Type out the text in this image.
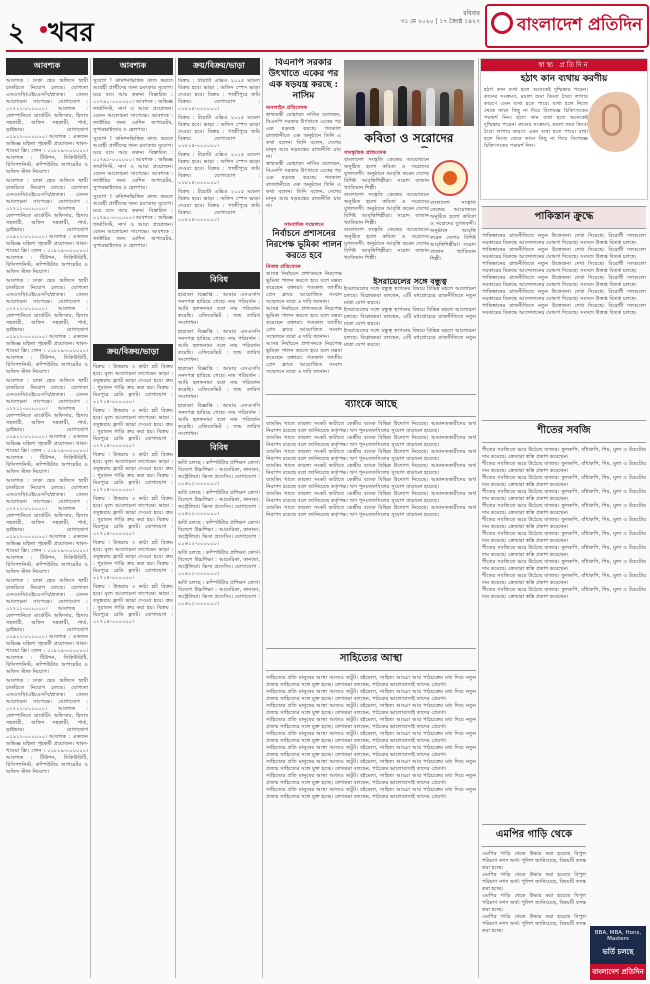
২ খবর
রবিবার
৩১ মে ২০২০ | ১৭ জ্যৈষ্ঠ ১৪২৭ বাংলাদেশ প্রতিদিন
আবশ্যক

আবশ্যক : ঢাকা হেড অফিসে স্থায়ী চাকরিতে নিয়োগ চলছে। যোগ্যতা এসএসসি/এইচএসসি/স্নাতক। বেতন আলোচনা সাপেক্ষে। যোগাযোগ : ০১৭১১-০০০০০০। আবশ্যক : কোম্পানিতে মার্কেটিং অফিসার, হিসাব সহকারী, অফিস সহকারী, গার্ড, ড্রাইভার। যোগাযোগ ০১৯১১-০০০০০০। আবশ্যক : একজন অভিজ্ঞ মহিলা গৃহকর্মী প্রয়োজন। থাকা-খাওয়া ফ্রি। ফোন : ০১৮১৯-০০০০০০। আবশ্যক : টিউশন, সিকিউরিটি, রিসিপশনিস্ট, কম্পিউটার অপারেটর ও অফিস স্টাফ নিয়োগ।

আবশ্যক : ঢাকা হেড অফিসে স্থায়ী চাকরিতে নিয়োগ চলছে। যোগ্যতা এসএসসি/এইচএসসি/স্নাতক। বেতন আলোচনা সাপেক্ষে। যোগাযোগ : ০১৭১১-০০০০০০। আবশ্যক : কোম্পানিতে মার্কেটিং অফিসার, হিসাব সহকারী, অফিস সহকারী, গার্ড, ড্রাইভার। যোগাযোগ ০১৯১১-০০০০০০। আবশ্যক : একজন অভিজ্ঞ মহিলা গৃহকর্মী প্রয়োজন। থাকা-খাওয়া ফ্রি। ফোন : ০১৮১৯-০০০০০০। আবশ্যক : টিউশন, সিকিউরিটি, রিসিপশনিস্ট, কম্পিউটার অপারেটর ও অফিস স্টাফ নিয়োগ।

আবশ্যক : ঢাকা হেড অফিসে স্থায়ী চাকরিতে নিয়োগ চলছে। যোগ্যতা এসএসসি/এইচএসসি/স্নাতক। বেতন আলোচনা সাপেক্ষে। যোগাযোগ : ০১৭১১-০০০০০০। আবশ্যক : কোম্পানিতে মার্কেটিং অফিসার, হিসাব সহকারী, অফিস সহকারী, গার্ড, ড্রাইভার। যোগাযোগ ০১৯১১-০০০০০০। আবশ্যক : একজন অভিজ্ঞ মহিলা গৃহকর্মী প্রয়োজন। থাকা-খাওয়া ফ্রি। ফোন : ০১৮১৯-০০০০০০। আবশ্যক : টিউশন, সিকিউরিটি, রিসিপশনিস্ট, কম্পিউটার অপারেটর ও অফিস স্টাফ নিয়োগ।

আবশ্যক : ঢাকা হেড অফিসে স্থায়ী চাকরিতে নিয়োগ চলছে। যোগ্যতা এসএসসি/এইচএসসি/স্নাতক। বেতন আলোচনা সাপেক্ষে। যোগাযোগ : ০১৭১১-০০০০০০। আবশ্যক : কোম্পানিতে মার্কেটিং অফিসার, হিসাব সহকারী, অফিস সহকারী, গার্ড, ড্রাইভার। যোগাযোগ ০১৯১১-০০০০০০। আবশ্যক : একজন অভিজ্ঞ মহিলা গৃহকর্মী প্রয়োজন। থাকা-খাওয়া ফ্রি। ফোন : ০১৮১৯-০০০০০০। আবশ্যক : টিউশন, সিকিউরিটি, রিসিপশনিস্ট, কম্পিউটার অপারেটর ও অফিস স্টাফ নিয়োগ।

আবশ্যক : ঢাকা হেড অফিসে স্থায়ী চাকরিতে নিয়োগ চলছে। যোগ্যতা এসএসসি/এইচএসসি/স্নাতক। বেতন আলোচনা সাপেক্ষে। যোগাযোগ : ০১৭১১-০০০০০০। আবশ্যক : কোম্পানিতে মার্কেটিং অফিসার, হিসাব সহকারী, অফিস সহকারী, গার্ড, ড্রাইভার। যোগাযোগ ০১৯১১-০০০০০০। আবশ্যক : একজন অভিজ্ঞ মহিলা গৃহকর্মী প্রয়োজন। থাকা-খাওয়া ফ্রি। ফোন : ০১৮১৯-০০০০০০। আবশ্যক : টিউশন, সিকিউরিটি, রিসিপশনিস্ট, কম্পিউটার অপারেটর ও অফিস স্টাফ নিয়োগ।

আবশ্যক : ঢাকা হেড অফিসে স্থায়ী চাকরিতে নিয়োগ চলছে। যোগ্যতা এসএসসি/এইচএসসি/স্নাতক। বেতন আলোচনা সাপেক্ষে। যোগাযোগ : ০১৭১১-০০০০০০। আবশ্যক : কোম্পানিতে মার্কেটিং অফিসার, হিসাব সহকারী, অফিস সহকারী, গার্ড, ড্রাইভার। যোগাযোগ ০১৯১১-০০০০০০। আবশ্যক : একজন অভিজ্ঞ মহিলা গৃহকর্মী প্রয়োজন। থাকা-খাওয়া ফ্রি। ফোন : ০১৮১৯-০০০০০০। আবশ্যক : টিউশন, সিকিউরিটি, রিসিপশনিস্ট, কম্পিউটার অপারেটর ও অফিস স্টাফ নিয়োগ।

আবশ্যক : ঢাকা হেড অফিসে স্থায়ী চাকরিতে নিয়োগ চলছে। যোগ্যতা এসএসসি/এইচএসসি/স্নাতক। বেতন আলোচনা সাপেক্ষে। যোগাযোগ : ০১৭১১-০০০০০০। আবশ্যক : কোম্পানিতে মার্কেটিং অফিসার, হিসাব সহকারী, অফিস সহকারী, গার্ড, ড্রাইভার। যোগাযোগ ০১৯১১-০০০০০০। আবশ্যক : একজন অভিজ্ঞ মহিলা গৃহকর্মী প্রয়োজন। থাকা-খাওয়া ফ্রি। ফোন : ০১৮১৯-০০০০০০। আবশ্যক : টিউশন, সিকিউরিটি, রিসিপশনিস্ট, কম্পিউটার অপারেটর ও অফিস স্টাফ নিয়োগ।

আবশ্যক

সুযোগ ! কমিশনভিত্তিক কাজ করতে আগ্রহী প্রার্থীদের জন্য চমৎকার সুযোগ। ঘরে বসে আয় করুন। বিস্তারিত : ০১৭৯১-০০০০০০। আবশ্যক : অভিজ্ঞ ফার্মাসিস্ট, নার্স ও আয়া প্রয়োজন। বেতন আলোচনা সাপেক্ষে। আবশ্যক : ফ্যাক্টরির জন্য মেশিন অপারেটর, সুপারভাইজার ও হেলপার।

সুযোগ ! কমিশনভিত্তিক কাজ করতে আগ্রহী প্রার্থীদের জন্য চমৎকার সুযোগ। ঘরে বসে আয় করুন। বিস্তারিত : ০১৭৯১-০০০০০০। আবশ্যক : অভিজ্ঞ ফার্মাসিস্ট, নার্স ও আয়া প্রয়োজন। বেতন আলোচনা সাপেক্ষে। আবশ্যক : ফ্যাক্টরির জন্য মেশিন অপারেটর, সুপারভাইজার ও হেলপার।

সুযোগ ! কমিশনভিত্তিক কাজ করতে আগ্রহী প্রার্থীদের জন্য চমৎকার সুযোগ। ঘরে বসে আয় করুন। বিস্তারিত : ০১৭৯১-০০০০০০। আবশ্যক : অভিজ্ঞ ফার্মাসিস্ট, নার্স ও আয়া প্রয়োজন। বেতন আলোচনা সাপেক্ষে। আবশ্যক : ফ্যাক্টরির জন্য মেশিন অপারেটর, সুপারভাইজার ও হেলপার।

ক্রয়/বিক্রয়/ভাড়া

বিক্রয় : উত্তরায় ৩ কাঠা প্লট বিক্রয় হবে। মূল্য আলোচনা সাপেক্ষে। ভাড়া : বসুন্ধরায় ফ্ল্যাট ভাড়া দেওয়া হবে। ক্রয় : পুরাতন গাড়ি ক্রয় করা হয়। বিক্রয় : মিরপুরে রেডি ফ্ল্যাট। যোগাযোগ : ০১৭১৫-০০০০০০।

বিক্রয় : উত্তরায় ৩ কাঠা প্লট বিক্রয় হবে। মূল্য আলোচনা সাপেক্ষে। ভাড়া : বসুন্ধরায় ফ্ল্যাট ভাড়া দেওয়া হবে। ক্রয় : পুরাতন গাড়ি ক্রয় করা হয়। বিক্রয় : মিরপুরে রেডি ফ্ল্যাট। যোগাযোগ : ০১৭১৫-০০০০০০।

বিক্রয় : উত্তরায় ৩ কাঠা প্লট বিক্রয় হবে। মূল্য আলোচনা সাপেক্ষে। ভাড়া : বসুন্ধরায় ফ্ল্যাট ভাড়া দেওয়া হবে। ক্রয় : পুরাতন গাড়ি ক্রয় করা হয়। বিক্রয় : মিরপুরে রেডি ফ্ল্যাট। যোগাযোগ : ০১৭১৫-০০০০০০।

বিক্রয় : উত্তরায় ৩ কাঠা প্লট বিক্রয় হবে। মূল্য আলোচনা সাপেক্ষে। ভাড়া : বসুন্ধরায় ফ্ল্যাট ভাড়া দেওয়া হবে। ক্রয় : পুরাতন গাড়ি ক্রয় করা হয়। বিক্রয় : মিরপুরে রেডি ফ্ল্যাট। যোগাযোগ : ০১৭১৫-০০০০০০।

বিক্রয় : উত্তরায় ৩ কাঠা প্লট বিক্রয় হবে। মূল্য আলোচনা সাপেক্ষে। ভাড়া : বসুন্ধরায় ফ্ল্যাট ভাড়া দেওয়া হবে। ক্রয় : পুরাতন গাড়ি ক্রয় করা হয়। বিক্রয় : মিরপুরে রেডি ফ্ল্যাট। যোগাযোগ : ০১৭১৫-০০০০০০।

বিক্রয় : উত্তরায় ৩ কাঠা প্লট বিক্রয় হবে। মূল্য আলোচনা সাপেক্ষে। ভাড়া : বসুন্ধরায় ফ্ল্যাট ভাড়া দেওয়া হবে। ক্রয় : পুরাতন গাড়ি ক্রয় করা হয়। বিক্রয় : মিরপুরে রেডি ফ্ল্যাট। যোগাযোগ : ০১৭১৫-০০০০০০।

ক্রয়/বিক্রয়/ভাড়া

বিক্রয় : টয়োটা এক্সিও ২০১৫ মডেল বিক্রয় হবে। ভাড়া : অফিস স্পেস ভাড়া দেওয়া হবে। বিক্রয় : গাজীপুরে জমি বিক্রয়। যোগাযোগ : ০১৮১৫-০০০০০০।

বিক্রয় : টয়োটা এক্সিও ২০১৫ মডেল বিক্রয় হবে। ভাড়া : অফিস স্পেস ভাড়া দেওয়া হবে। বিক্রয় : গাজীপুরে জমি বিক্রয়। যোগাযোগ : ০১৮১৫-০০০০০০।

বিক্রয় : টয়োটা এক্সিও ২০১৫ মডেল বিক্রয় হবে। ভাড়া : অফিস স্পেস ভাড়া দেওয়া হবে। বিক্রয় : গাজীপুরে জমি বিক্রয়। যোগাযোগ : ০১৮১৫-০০০০০০।

বিক্রয় : টয়োটা এক্সিও ২০১৫ মডেল বিক্রয় হবে। ভাড়া : অফিস স্পেস ভাড়া দেওয়া হবে। বিক্রয় : গাজীপুরে জমি বিক্রয়। যোগাযোগ : ০১৮১৫-০০০০০০।

বিবিধ

হারানো বিজ্ঞপ্তি : আমার এসএসসি সনদপত্র হারিয়ে গেছে। নাম পরিবর্তন : আমি হলফনামা বলে নাম পরিবর্তন করেছি। এফিডেভিট : জন্ম তারিখ সংশোধন।

হারানো বিজ্ঞপ্তি : আমার এসএসসি সনদপত্র হারিয়ে গেছে। নাম পরিবর্তন : আমি হলফনামা বলে নাম পরিবর্তন করেছি। এফিডেভিট : জন্ম তারিখ সংশোধন।

হারানো বিজ্ঞপ্তি : আমার এসএসসি সনদপত্র হারিয়ে গেছে। নাম পরিবর্তন : আমি হলফনামা বলে নাম পরিবর্তন করেছি। এফিডেভিট : জন্ম তারিখ সংশোধন।

হারানো বিজ্ঞপ্তি : আমার এসএসসি সনদপত্র হারিয়ে গেছে। নাম পরিবর্তন : আমি হলফনামা বলে নাম পরিবর্তন করেছি। এফিডেভিট : জন্ম তারিখ সংশোধন।

বিবিধ

ভর্তি চলছে : কম্পিউটার প্রশিক্ষণ কোর্স। বিদেশে উচ্চশিক্ষা : আমেরিকা, কানাডা, অস্ট্রেলিয়া। ভিসা প্রসেসিং। যোগাযোগ : ০১৬১২-০০০০০০।

ভর্তি চলছে : কম্পিউটার প্রশিক্ষণ কোর্স। বিদেশে উচ্চশিক্ষা : আমেরিকা, কানাডা, অস্ট্রেলিয়া। ভিসা প্রসেসিং। যোগাযোগ : ০১৬১২-০০০০০০।

ভর্তি চলছে : কম্পিউটার প্রশিক্ষণ কোর্স। বিদেশে উচ্চশিক্ষা : আমেরিকা, কানাডা, অস্ট্রেলিয়া। ভিসা প্রসেসিং। যোগাযোগ : ০১৬১২-০০০০০০।

ভর্তি চলছে : কম্পিউটার প্রশিক্ষণ কোর্স। বিদেশে উচ্চশিক্ষা : আমেরিকা, কানাডা, অস্ট্রেলিয়া। ভিসা প্রসেসিং। যোগাযোগ : ০১৬১২-০০০০০০।

ভর্তি চলছে : কম্পিউটার প্রশিক্ষণ কোর্স। বিদেশে উচ্চশিক্ষা : আমেরিকা, কানাডা, অস্ট্রেলিয়া। ভিসা প্রসেসিং। যোগাযোগ : ০১৬১২-০০০০০০।

বিএনপি সরকার উৎখাতে একের পর এক ষড়যন্ত্র করছে : নাসিম
অনলাইন প্রতিবেদক
স্বাস্থ্যমন্ত্রী মোহাম্মদ নাসিম বলেছেন, বিএনপি সরকার উৎখাতে একের পর এক ষড়যন্ত্র করছে। গতকাল রাজধানীতে এক অনুষ্ঠানে তিনি এ কথা বলেন। তিনি বলেন, দেশের মানুষ আর ষড়যন্ত্রের রাজনীতি চায় না।
স্বাস্থ্যমন্ত্রী মোহাম্মদ নাসিম বলেছেন, বিএনপি সরকার উৎখাতে একের পর এক ষড়যন্ত্র করছে। গতকাল রাজধানীতে এক অনুষ্ঠানে তিনি এ কথা বলেন। তিনি বলেন, দেশের মানুষ আর ষড়যন্ত্রের রাজনীতি চায় না।
কবিতা ও সরোদের
সাংস্কৃতিক প্রতিবেদক
বাংলাদেশ সংস্কৃতি কেন্দ্রের আয়োজনে অনুষ্ঠিত হলো কবিতা ও সরোদের যুগলবন্দী। অনুষ্ঠানে আবৃত্তি করেন দেশের বিশিষ্ট আবৃত্তিশিল্পীরা। সরোদ বাজান খ্যাতিমান শিল্পী।
বাংলাদেশ সংস্কৃতি কেন্দ্রের আয়োজনে অনুষ্ঠিত হলো কবিতা ও সরোদের যুগলবন্দী। অনুষ্ঠানে আবৃত্তি করেন দেশের বিশিষ্ট আবৃত্তিশিল্পীরা। সরোদ বাজান খ্যাতিমান শিল্পী।
বাংলাদেশ সংস্কৃতি কেন্দ্রের আয়োজনে অনুষ্ঠিত হলো কবিতা ও সরোদের যুগলবন্দী। অনুষ্ঠানে আবৃত্তি করেন দেশের বিশিষ্ট আবৃত্তিশিল্পীরা। সরোদ বাজান খ্যাতিমান শিল্পী।
বাংলাদেশ সংস্কৃতি কেন্দ্রের আয়োজনে অনুষ্ঠিত হলো কবিতা ও সরোদের যুগলবন্দী। অনুষ্ঠানে আবৃত্তি করেন দেশের বিশিষ্ট আবৃত্তিশিল্পীরা। সরোদ বাজান খ্যাতিমান শিল্পী।
সাংবাদিক সম্মেলনে
নির্বাচনে প্রশাসনের নিরপেক্ষ ভূমিকা পালন করতে হবে
নিজস্ব প্রতিবেদক
আসন্ন নির্বাচনে প্রশাসনকে নিরপেক্ষ ভূমিকা পালন করতে হবে বলে মন্তব্য করেছেন বক্তারা। গতকাল জাতীয় প্রেস ক্লাবে আয়োজিত সংবাদ সম্মেলনে তারা এ দাবি জানান।
আসন্ন নির্বাচনে প্রশাসনকে নিরপেক্ষ ভূমিকা পালন করতে হবে বলে মন্তব্য করেছেন বক্তারা। গতকাল জাতীয় প্রেস ক্লাবে আয়োজিত সংবাদ সম্মেলনে তারা এ দাবি জানান।
আসন্ন নির্বাচনে প্রশাসনকে নিরপেক্ষ ভূমিকা পালন করতে হবে বলে মন্তব্য করেছেন বক্তারা। গতকাল জাতীয় প্রেস ক্লাবে আয়োজিত সংবাদ সম্মেলনে তারা এ দাবি জানান।
ইসরায়েলের সঙ্গে বন্ধুত্ব
ইসরায়েলের সঙ্গে বন্ধুত্ব স্থাপনের বিষয়ে বিভিন্ন মহলে আলোচনা চলছে। বিশ্লেষকরা বলছেন, এটি মধ্যপ্রাচ্যের রাজনীতিতে নতুন মাত্রা যোগ করবে।
ইসরায়েলের সঙ্গে বন্ধুত্ব স্থাপনের বিষয়ে বিভিন্ন মহলে আলোচনা চলছে। বিশ্লেষকরা বলছেন, এটি মধ্যপ্রাচ্যের রাজনীতিতে নতুন মাত্রা যোগ করবে।
ইসরায়েলের সঙ্গে বন্ধুত্ব স্থাপনের বিষয়ে বিভিন্ন মহলে আলোচনা চলছে। বিশ্লেষকরা বলছেন, এটি মধ্যপ্রাচ্যের রাজনীতিতে নতুন মাত্রা যোগ করবে।
ব্যাংকে আছে
ব্যাংকিং খাতে তারল্য সংকট কাটাতে কেন্দ্রীয় ব্যাংক বিভিন্ন উদ্যোগ নিয়েছে। আমানতকারীদের অর্থ নিরাপদ রয়েছে বলে জানিয়েছে কর্তৃপক্ষ। ঋণ পুনঃতফসিলের সুযোগ বাড়ানো হয়েছে।
ব্যাংকিং খাতে তারল্য সংকট কাটাতে কেন্দ্রীয় ব্যাংক বিভিন্ন উদ্যোগ নিয়েছে। আমানতকারীদের অর্থ নিরাপদ রয়েছে বলে জানিয়েছে কর্তৃপক্ষ। ঋণ পুনঃতফসিলের সুযোগ বাড়ানো হয়েছে।
ব্যাংকিং খাতে তারল্য সংকট কাটাতে কেন্দ্রীয় ব্যাংক বিভিন্ন উদ্যোগ নিয়েছে। আমানতকারীদের অর্থ নিরাপদ রয়েছে বলে জানিয়েছে কর্তৃপক্ষ। ঋণ পুনঃতফসিলের সুযোগ বাড়ানো হয়েছে।
ব্যাংকিং খাতে তারল্য সংকট কাটাতে কেন্দ্রীয় ব্যাংক বিভিন্ন উদ্যোগ নিয়েছে। আমানতকারীদের অর্থ নিরাপদ রয়েছে বলে জানিয়েছে কর্তৃপক্ষ। ঋণ পুনঃতফসিলের সুযোগ বাড়ানো হয়েছে।
ব্যাংকিং খাতে তারল্য সংকট কাটাতে কেন্দ্রীয় ব্যাংক বিভিন্ন উদ্যোগ নিয়েছে। আমানতকারীদের অর্থ নিরাপদ রয়েছে বলে জানিয়েছে কর্তৃপক্ষ। ঋণ পুনঃতফসিলের সুযোগ বাড়ানো হয়েছে।
ব্যাংকিং খাতে তারল্য সংকট কাটাতে কেন্দ্রীয় ব্যাংক বিভিন্ন উদ্যোগ নিয়েছে। আমানতকারীদের অর্থ নিরাপদ রয়েছে বলে জানিয়েছে কর্তৃপক্ষ। ঋণ পুনঃতফসিলের সুযোগ বাড়ানো হয়েছে।
ব্যাংকিং খাতে তারল্য সংকট কাটাতে কেন্দ্রীয় ব্যাংক বিভিন্ন উদ্যোগ নিয়েছে। আমানতকারীদের অর্থ নিরাপদ রয়েছে বলে জানিয়েছে কর্তৃপক্ষ। ঋণ পুনঃতফসিলের সুযোগ বাড়ানো হয়েছে।
সাহিত্যের আস্থা
সাহিত্যের প্রতি মানুষের আস্থা আজও অটুট। বইমেলা, সাহিত্য আড্ডা আর পাঠচক্রের মধ্য দিয়ে নতুন প্রজন্ম সাহিত্যের সঙ্গে যুক্ত হচ্ছে। লেখকরা বলছেন, পাঠকের ভালোবাসাই তাদের প্রেরণা।
সাহিত্যের প্রতি মানুষের আস্থা আজও অটুট। বইমেলা, সাহিত্য আড্ডা আর পাঠচক্রের মধ্য দিয়ে নতুন প্রজন্ম সাহিত্যের সঙ্গে যুক্ত হচ্ছে। লেখকরা বলছেন, পাঠকের ভালোবাসাই তাদের প্রেরণা।
সাহিত্যের প্রতি মানুষের আস্থা আজও অটুট। বইমেলা, সাহিত্য আড্ডা আর পাঠচক্রের মধ্য দিয়ে নতুন প্রজন্ম সাহিত্যের সঙ্গে যুক্ত হচ্ছে। লেখকরা বলছেন, পাঠকের ভালোবাসাই তাদের প্রেরণা।
সাহিত্যের প্রতি মানুষের আস্থা আজও অটুট। বইমেলা, সাহিত্য আড্ডা আর পাঠচক্রের মধ্য দিয়ে নতুন প্রজন্ম সাহিত্যের সঙ্গে যুক্ত হচ্ছে। লেখকরা বলছেন, পাঠকের ভালোবাসাই তাদের প্রেরণা।
সাহিত্যের প্রতি মানুষের আস্থা আজও অটুট। বইমেলা, সাহিত্য আড্ডা আর পাঠচক্রের মধ্য দিয়ে নতুন প্রজন্ম সাহিত্যের সঙ্গে যুক্ত হচ্ছে। লেখকরা বলছেন, পাঠকের ভালোবাসাই তাদের প্রেরণা।
সাহিত্যের প্রতি মানুষের আস্থা আজও অটুট। বইমেলা, সাহিত্য আড্ডা আর পাঠচক্রের মধ্য দিয়ে নতুন প্রজন্ম সাহিত্যের সঙ্গে যুক্ত হচ্ছে। লেখকরা বলছেন, পাঠকের ভালোবাসাই তাদের প্রেরণা।
সাহিত্যের প্রতি মানুষের আস্থা আজও অটুট। বইমেলা, সাহিত্য আড্ডা আর পাঠচক্রের মধ্য দিয়ে নতুন প্রজন্ম সাহিত্যের সঙ্গে যুক্ত হচ্ছে। লেখকরা বলছেন, পাঠকের ভালোবাসাই তাদের প্রেরণা।
সাহিত্যের প্রতি মানুষের আস্থা আজও অটুট। বইমেলা, সাহিত্য আড্ডা আর পাঠচক্রের মধ্য দিয়ে নতুন প্রজন্ম সাহিত্যের সঙ্গে যুক্ত হচ্ছে। লেখকরা বলছেন, পাঠকের ভালোবাসাই তাদের প্রেরণা।
সাহিত্যের প্রতি মানুষের আস্থা আজও অটুট। বইমেলা, সাহিত্য আড্ডা আর পাঠচক্রের মধ্য দিয়ে নতুন প্রজন্ম সাহিত্যের সঙ্গে যুক্ত হচ্ছে। লেখকরা বলছেন, পাঠকের ভালোবাসাই তাদের প্রেরণা।
স্বাস্থ্য প্রতিদিন
হঠাৎ কান ব্যথায় করণীয়
হঠাৎ কান ব্যথা হলে অনেকেই দুশ্চিন্তায় পড়েন। কানের সংক্রমণ, ময়লা জমা কিংবা ঠাণ্ডা লাগার কারণে এমন ব্যথা হতে পারে। ব্যথা হলে নিজে থেকে কানে কিছু না দিয়ে বিশেষজ্ঞ চিকিৎসকের পরামর্শ নিন। হঠাৎ কান ব্যথা হলে অনেকেই দুশ্চিন্তায় পড়েন। কানের সংক্রমণ, ময়লা জমা কিংবা ঠাণ্ডা লাগার কারণে এমন ব্যথা হতে পারে। ব্যথা হলে নিজে থেকে কানে কিছু না দিয়ে বিশেষজ্ঞ চিকিৎসকের পরামর্শ নিন।
পাকিস্তান ক্রুদ্ধে
পাকিস্তানের রাজনীতিতে নতুন উত্তেজনা দেখা দিয়েছে। বিরোধী দলগুলো সরকারের বিরুদ্ধে আন্দোলনের ঘোষণা দিয়েছে। সংসদে উত্তপ্ত বিতর্ক চলছে।
পাকিস্তানের রাজনীতিতে নতুন উত্তেজনা দেখা দিয়েছে। বিরোধী দলগুলো সরকারের বিরুদ্ধে আন্দোলনের ঘোষণা দিয়েছে। সংসদে উত্তপ্ত বিতর্ক চলছে।
পাকিস্তানের রাজনীতিতে নতুন উত্তেজনা দেখা দিয়েছে। বিরোধী দলগুলো সরকারের বিরুদ্ধে আন্দোলনের ঘোষণা দিয়েছে। সংসদে উত্তপ্ত বিতর্ক চলছে।
পাকিস্তানের রাজনীতিতে নতুন উত্তেজনা দেখা দিয়েছে। বিরোধী দলগুলো সরকারের বিরুদ্ধে আন্দোলনের ঘোষণা দিয়েছে। সংসদে উত্তপ্ত বিতর্ক চলছে।
পাকিস্তানের রাজনীতিতে নতুন উত্তেজনা দেখা দিয়েছে। বিরোধী দলগুলো সরকারের বিরুদ্ধে আন্দোলনের ঘোষণা দিয়েছে। সংসদে উত্তপ্ত বিতর্ক চলছে।
পাকিস্তানের রাজনীতিতে নতুন উত্তেজনা দেখা দিয়েছে। বিরোধী দলগুলো সরকারের বিরুদ্ধে আন্দোলনের ঘোষণা দিয়েছে। সংসদে উত্তপ্ত বিতর্ক চলছে।
শীতের সবজি
শীতের সবজিতে ভরে উঠেছে বাজার। ফুলকপি, বাঁধাকপি, শিম, মুলা ও টমেটোর দাম কমেছে। ক্রেতারা স্বস্তি প্রকাশ করেছেন।
শীতের সবজিতে ভরে উঠেছে বাজার। ফুলকপি, বাঁধাকপি, শিম, মুলা ও টমেটোর দাম কমেছে। ক্রেতারা স্বস্তি প্রকাশ করেছেন।
শীতের সবজিতে ভরে উঠেছে বাজার। ফুলকপি, বাঁধাকপি, শিম, মুলা ও টমেটোর দাম কমেছে। ক্রেতারা স্বস্তি প্রকাশ করেছেন।
শীতের সবজিতে ভরে উঠেছে বাজার। ফুলকপি, বাঁধাকপি, শিম, মুলা ও টমেটোর দাম কমেছে। ক্রেতারা স্বস্তি প্রকাশ করেছেন।
শীতের সবজিতে ভরে উঠেছে বাজার। ফুলকপি, বাঁধাকপি, শিম, মুলা ও টমেটোর দাম কমেছে। ক্রেতারা স্বস্তি প্রকাশ করেছেন।
শীতের সবজিতে ভরে উঠেছে বাজার। ফুলকপি, বাঁধাকপি, শিম, মুলা ও টমেটোর দাম কমেছে। ক্রেতারা স্বস্তি প্রকাশ করেছেন।
শীতের সবজিতে ভরে উঠেছে বাজার। ফুলকপি, বাঁধাকপি, শিম, মুলা ও টমেটোর দাম কমেছে। ক্রেতারা স্বস্তি প্রকাশ করেছেন।
শীতের সবজিতে ভরে উঠেছে বাজার। ফুলকপি, বাঁধাকপি, শিম, মুলা ও টমেটোর দাম কমেছে। ক্রেতারা স্বস্তি প্রকাশ করেছেন।
শীতের সবজিতে ভরে উঠেছে বাজার। ফুলকপি, বাঁধাকপি, শিম, মুলা ও টমেটোর দাম কমেছে। ক্রেতারা স্বস্তি প্রকাশ করেছেন।
শীতের সবজিতে ভরে উঠেছে বাজার। ফুলকপি, বাঁধাকপি, শিম, মুলা ও টমেটোর দাম কমেছে। ক্রেতারা স্বস্তি প্রকাশ করেছেন।
শীতের সবজিতে ভরে উঠেছে বাজার। ফুলকপি, বাঁধাকপি, শিম, মুলা ও টমেটোর দাম কমেছে। ক্রেতারা স্বস্তি প্রকাশ করেছেন।
এমপির গাড়ি থেকে
এমপির গাড়ি থেকে উদ্ধার করা হয়েছে বিপুল পরিমাণ নগদ অর্থ। পুলিশ জানিয়েছে, বিষয়টি তদন্ত করা হচ্ছে।
এমপির গাড়ি থেকে উদ্ধার করা হয়েছে বিপুল পরিমাণ নগদ অর্থ। পুলিশ জানিয়েছে, বিষয়টি তদন্ত করা হচ্ছে।
এমপির গাড়ি থেকে উদ্ধার করা হয়েছে বিপুল পরিমাণ নগদ অর্থ। পুলিশ জানিয়েছে, বিষয়টি তদন্ত করা হচ্ছে।
এমপির গাড়ি থেকে উদ্ধার করা হয়েছে বিপুল পরিমাণ নগদ অর্থ। পুলিশ জানিয়েছে, বিষয়টি তদন্ত করা হচ্ছে।	BBA, MBA, Hons, Masters
ভর্তি চলছে
বাংলাদেশ প্রতিদিন
